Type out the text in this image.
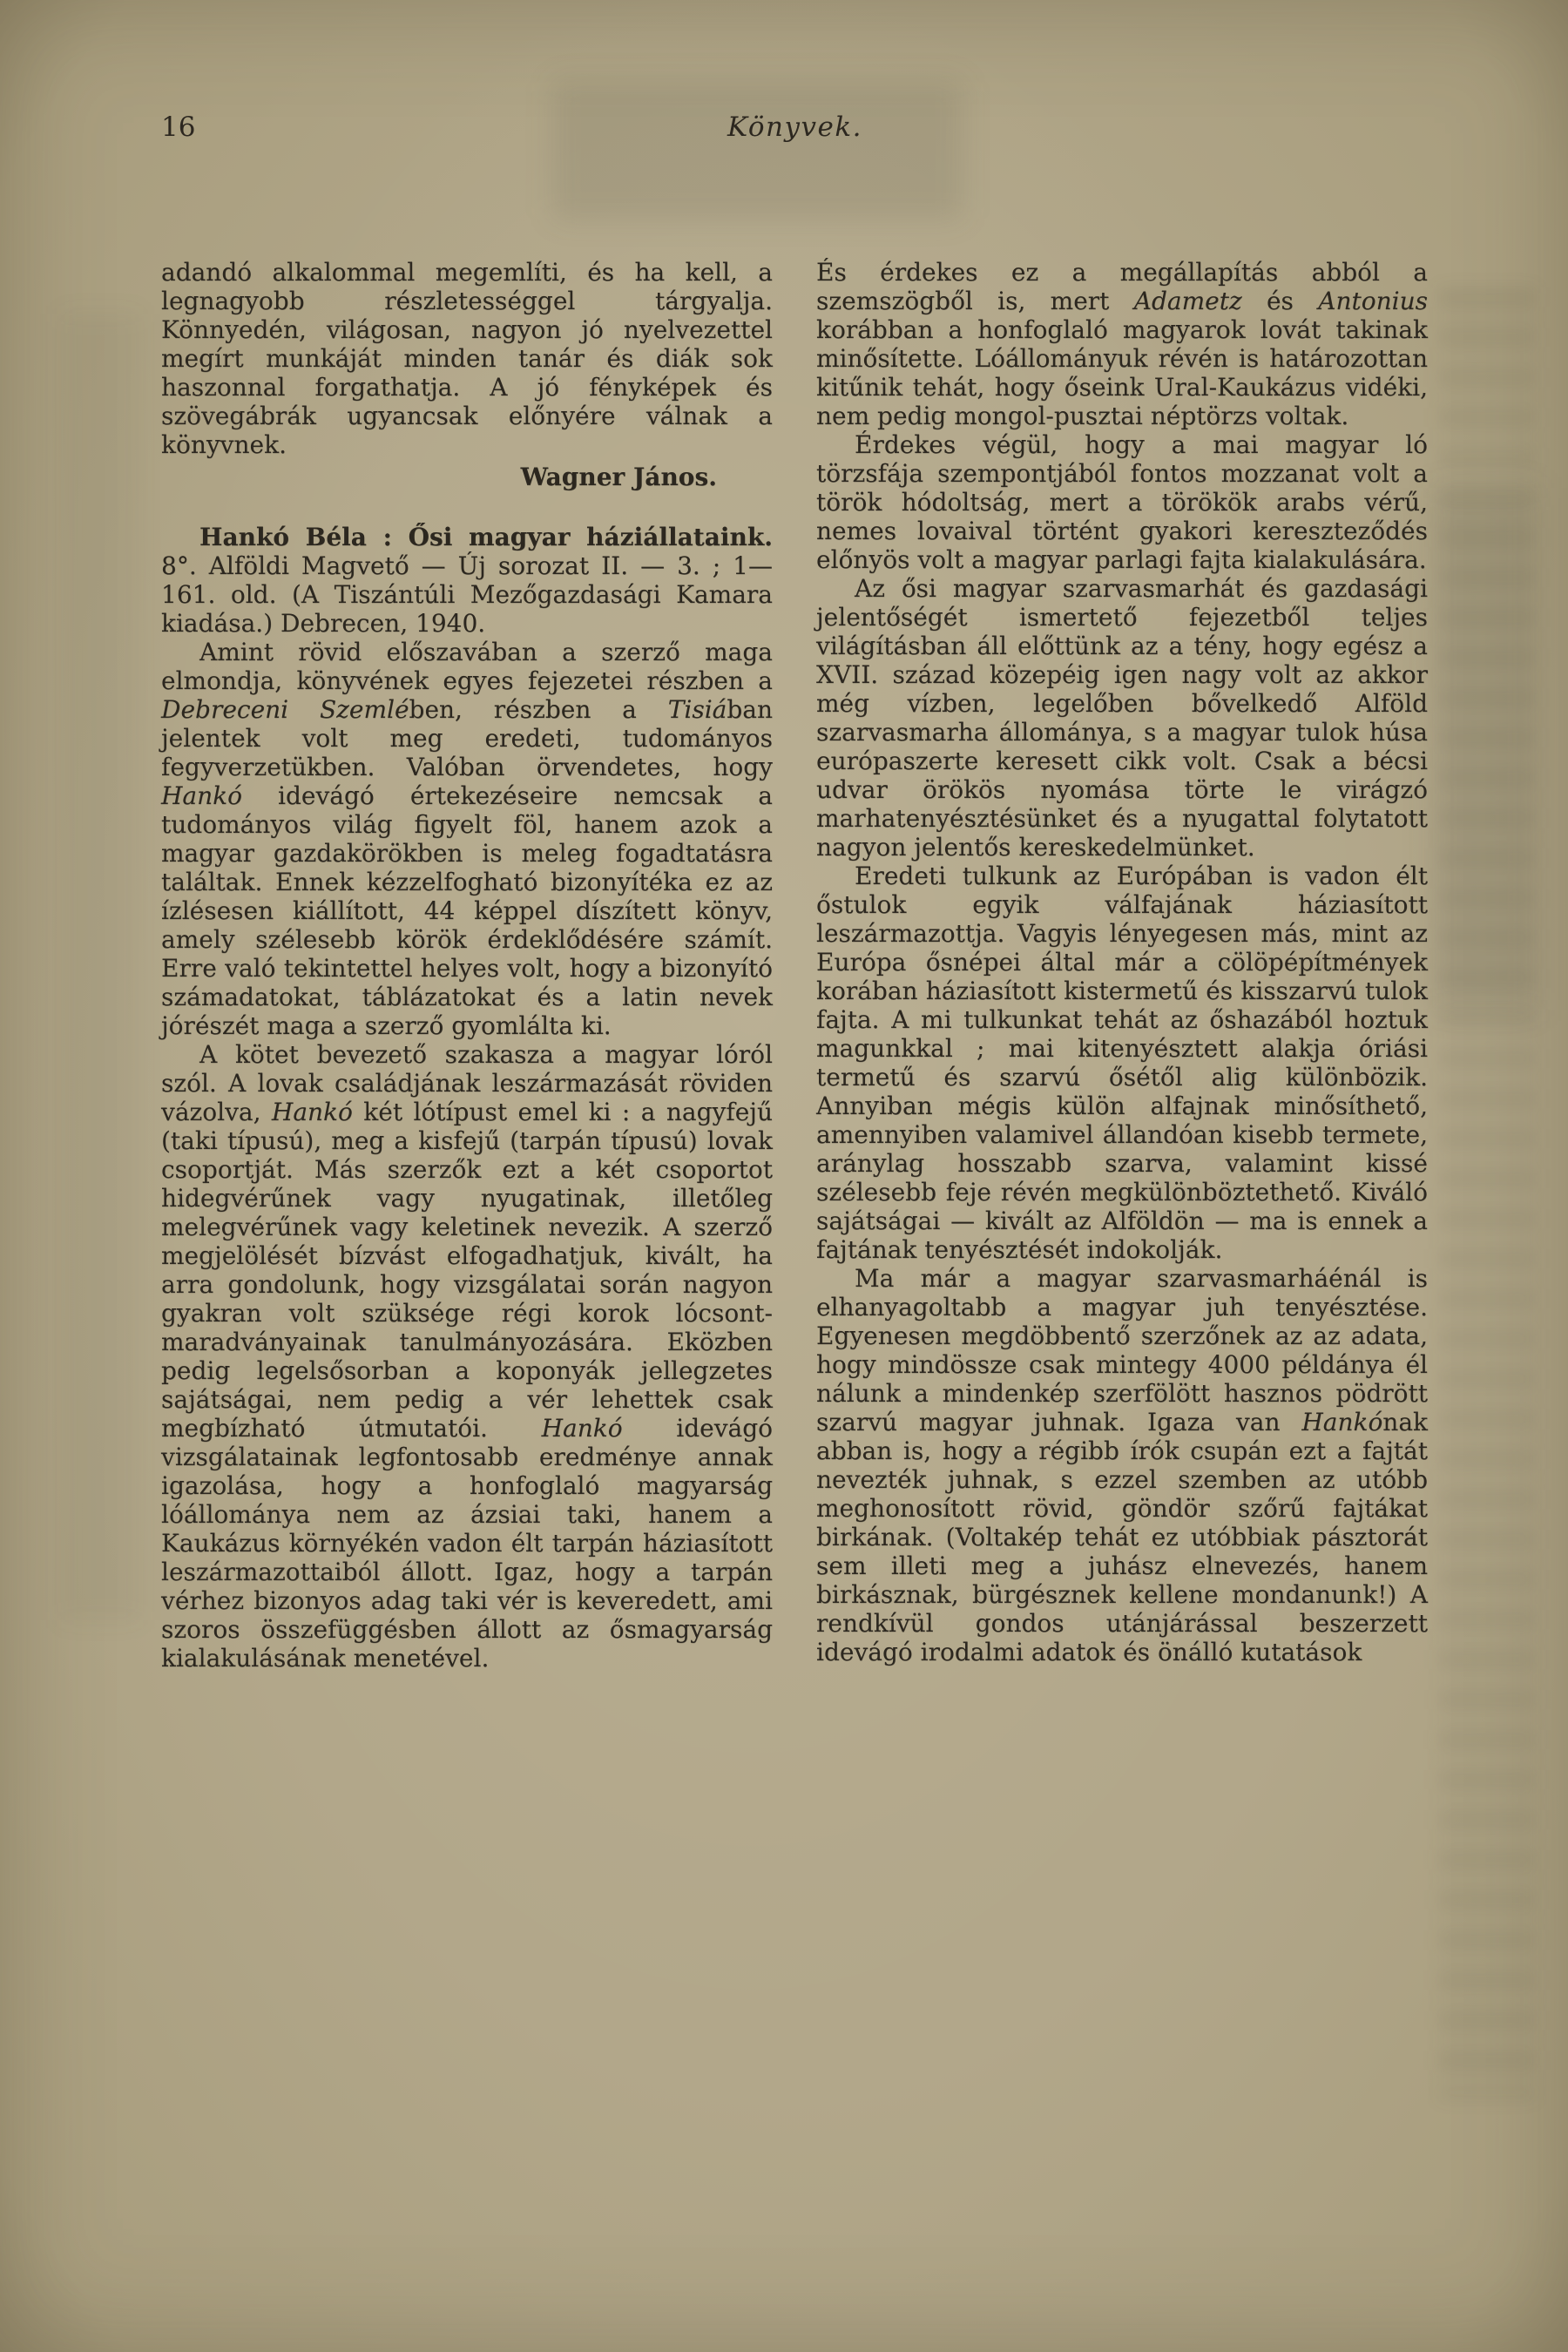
16	Könyvek.

adandó alkalommal megemlíti, és ha kell, a legnagyobb részletességgel tárgyalja. Könnyedén, világosan, nagyon jó nyelvezettel megírt munkáját minden tanár és diák sok haszonnal forgathatja. A jó fényképek és szövegábrák ugyancsak előnyére válnak a könyvnek.

Wagner János.

Hankó Béla : Ősi magyar háziállataink. 8°. Alföldi Magvető — Új sorozat II. — 3. ; 1—161. old. (A Tiszántúli Mezőgazdasági Kamara kiadása.) Debrecen, 1940.

Amint rövid előszavában a szerző maga elmondja, könyvének egyes fejezetei részben a Debreceni Szemlében, részben a Tisiában jelentek volt meg eredeti, tudományos fegyverzetükben. Valóban örvendetes, hogy Hankó idevágó értekezéseire nemcsak a tudományos világ figyelt föl, hanem azok a magyar gazdakörökben is meleg fogadtatásra találtak. Ennek kézzelfogható bizonyítéka ez az ízlésesen kiállított, 44 képpel díszített könyv, amely szélesebb körök érdeklődésére számít. Erre való tekintettel helyes volt, hogy a bizonyító számadatokat, táblázatokat és a latin nevek jórészét maga a szerző gyomlálta ki.

A kötet bevezető szakasza a magyar lóról szól. A lovak családjának leszármazását röviden vázolva, Hankó két lótípust emel ki : a nagyfejű (taki típusú), meg a kisfejű (tarpán típusú) lovak csoportját. Más szerzők ezt a két csoportot hidegvérűnek vagy nyugatinak, illetőleg melegvérűnek vagy keletinek nevezik. A szerző megjelölését bízvást elfogadhatjuk, kivált, ha arra gondolunk, hogy vizsgálatai során nagyon gyakran volt szüksége régi korok lócsont-maradványainak tanulmányozására. Eközben pedig legelsősorban a koponyák jellegzetes sajátságai, nem pedig a vér lehettek csak megbízható útmutatói. Hankó idevágó vizsgálatainak legfontosabb eredménye annak igazolása, hogy a honfoglaló magyarság lóállománya nem az ázsiai taki, hanem a Kaukázus környékén vadon élt tarpán háziasított leszármazottaiból állott. Igaz, hogy a tarpán vérhez bizonyos adag taki vér is keveredett, ami szoros összefüggésben állott az ősmagyarság kialakulásának menetével.

És érdekes ez a megállapítás abból a szemszögből is, mert Adametz és Antonius korábban a honfoglaló magyarok lovát takinak minősítette. Lóállományuk révén is határozottan kitűnik tehát, hogy őseink Ural-Kaukázus vidéki, nem pedig mongol-pusztai néptörzs voltak.

Érdekes végül, hogy a mai magyar ló törzsfája szempontjából fontos mozzanat volt a török hódoltság, mert a törökök arabs vérű, nemes lovaival történt gyakori kereszteződés előnyös volt a magyar parlagi fajta kialakulására.

Az ősi magyar szarvasmarhát és gazdasági jelentőségét ismertető fejezetből teljes világításban áll előttünk az a tény, hogy egész a XVII. század közepéig igen nagy volt az akkor még vízben, legelőben bővelkedő Alföld szarvasmarha állománya, s a magyar tulok húsa európaszerte keresett cikk volt. Csak a bécsi udvar örökös nyomása törte le virágzó marhatenyésztésünket és a nyugattal folytatott nagyon jelentős kereskedelmünket.

Eredeti tulkunk az Európában is vadon élt őstulok egyik válfajának háziasított leszármazottja. Vagyis lényegesen más, mint az Európa ősnépei által már a cölöpépítmények korában háziasított kistermetű és kisszarvú tulok fajta. A mi tulkunkat tehát az őshazából hoztuk magunkkal ; mai kitenyésztett alakja óriási termetű és szarvú ősétől alig különbözik. Annyiban mégis külön alfajnak minősíthető, amennyiben valamivel állandóan kisebb termete, aránylag hosszabb szarva, valamint kissé szélesebb feje révén megkülönböztethető. Kiváló sajátságai — kivált az Alföldön — ma is ennek a fajtának tenyésztését indokolják.

Ma már a magyar szarvasmarháénál is elhanyagoltabb a magyar juh tenyésztése. Egyenesen megdöbbentő szerzőnek az az adata, hogy mindössze csak mintegy 4000 példánya él nálunk a mindenkép szerfölött hasznos pödrött szarvú magyar juhnak. Igaza van Hankónak abban is, hogy a régibb írók csupán ezt a fajtát nevezték juhnak, s ezzel szemben az utóbb meghonosított rövid, göndör szőrű fajtákat birkának. (Voltakép tehát ez utóbbiak pásztorát sem illeti meg a juhász elnevezés, hanem birkásznak, bürgésznek kellene mondanunk!) A rendkívül gondos utánjárással beszerzett idevágó irodalmi adatok és önálló kutatások
